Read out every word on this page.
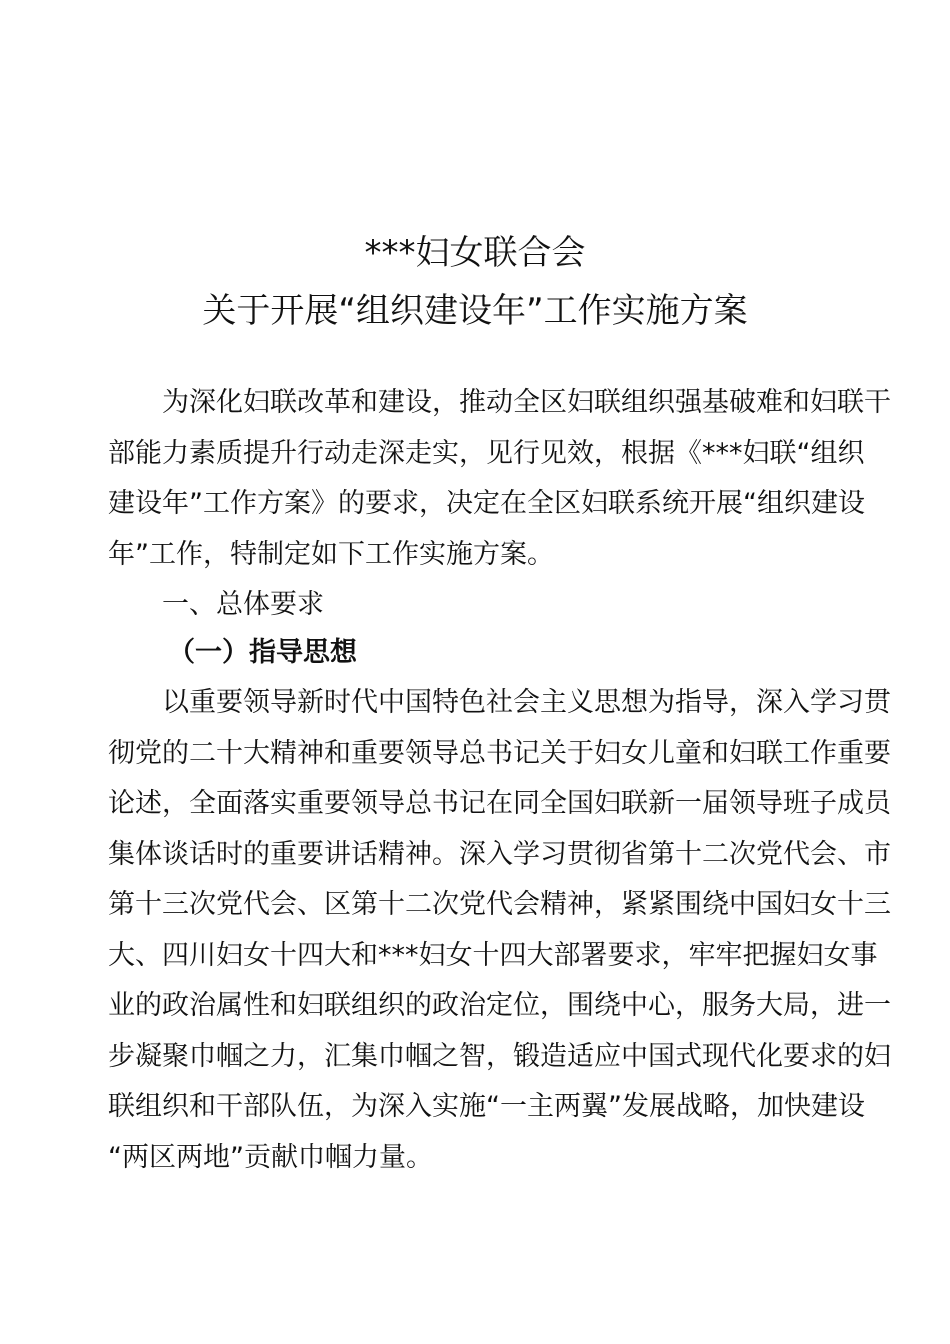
***妇女联合会
关于开展“组织建设年”工作实施方案
为深化妇联改革和建设，推动全区妇联组织强基破难和妇联干
部能力素质提升行动走深走实，见行见效，根据《***妇联“组织
建设年”工作方案》的要求，决定在全区妇联系统开展“组织建设
年”工作，特制定如下工作实施方案。
一、总体要求
（一）指导思想
以重要领导新时代中国特色社会主义思想为指导，深入学习贯
彻党的二十大精神和重要领导总书记关于妇女儿童和妇联工作重要
论述，全面落实重要领导总书记在同全国妇联新一届领导班子成员
集体谈话时的重要讲话精神。深入学习贯彻省第十二次党代会、市
第十三次党代会、区第十二次党代会精神，紧紧围绕中国妇女十三
大、四川妇女十四大和***妇女十四大部署要求，牢牢把握妇女事
业的政治属性和妇联组织的政治定位，围绕中心，服务大局，进一
步凝聚巾帼之力，汇集巾帼之智，锻造适应中国式现代化要求的妇
联组织和干部队伍，为深入实施“一主两翼”发展战略，加快建设
“两区两地”贡献巾帼力量。
